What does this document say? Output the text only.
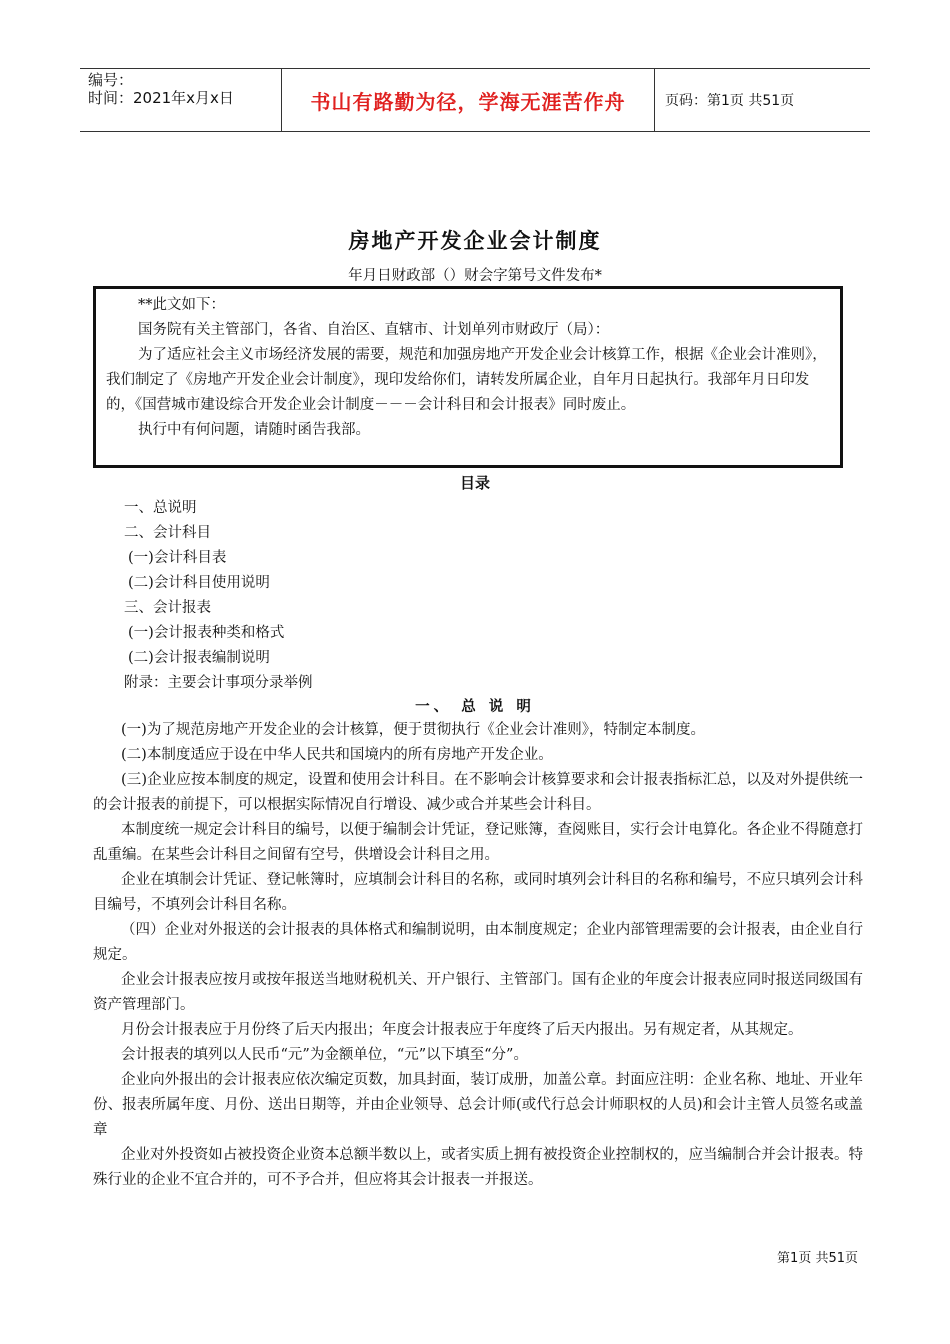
编号：
时间：2021年x月x日	书山有路勤为径，学海无涯苦作舟	页码：第1页 共51页
房地产开发企业会计制度
年月日财政部（）财会字第号文件发布*

**此文如下：

国务院有关主管部门，各省、自治区、直辖市、计划单列市财政厅（局）：

为了适应社会主义市场经济发展的需要，规范和加强房地产开发企业会计核算工作，根据《企业会计准则》，我们制定了《房地产开发企业会计制度》，现印发给你们，请转发所属企业，自年月日起执行。我部年月日印发的，《国营城市建设综合开发企业会计制度－－－会计科目和会计报表》同时废止。

执行中有何问题，请随时函告我部。

目录
一、总说明
二、会计科目
(一)会计科目表
(二)会计科目使用说明
三、会计报表
(一)会计报表种类和格式
(二)会计报表编制说明
附录：主要会计事项分录举例
一、 总 说 明

(一)为了规范房地产开发企业的会计核算，便于贯彻执行《企业会计准则》，特制定本制度。

(二)本制度适应于设在中华人民共和国境内的所有房地产开发企业。

(三)企业应按本制度的规定，设置和使用会计科目。在不影响会计核算要求和会计报表指标汇总，以及对外提供统一的会计报表的前提下，可以根据实际情况自行增设、减少或合并某些会计科目。

本制度统一规定会计科目的编号，以便于编制会计凭证，登记账簿，查阅账目，实行会计电算化。各企业不得随意打乱重编。在某些会计科目之间留有空号，供增设会计科目之用。

企业在填制会计凭证、登记帐簿时，应填制会计科目的名称，或同时填列会计科目的名称和编号，不应只填列会计科目编号，不填列会计科目名称。

（四）企业对外报送的会计报表的具体格式和编制说明，由本制度规定；企业内部管理需要的会计报表，由企业自行规定。

企业会计报表应按月或按年报送当地财税机关、开户银行、主管部门。国有企业的年度会计报表应同时报送同级国有资产管理部门。

月份会计报表应于月份终了后天内报出；年度会计报表应于年度终了后天内报出。另有规定者，从其规定。

会计报表的填列以人民币“元”为金额单位，“元”以下填至“分”。

企业向外报出的会计报表应依次编定页数，加具封面，装订成册，加盖公章。封面应注明：企业名称、地址、开业年份、报表所属年度、月份、送出日期等，并由企业领导、总会计师(或代行总会计师职权的人员)和会计主管人员签名或盖章

企业对外投资如占被投资企业资本总额半数以上，或者实质上拥有被投资企业控制权的，应当编制合并会计报表。特殊行业的企业不宜合并的，可不予合并，但应将其会计报表一并报送。

第1页 共51页
